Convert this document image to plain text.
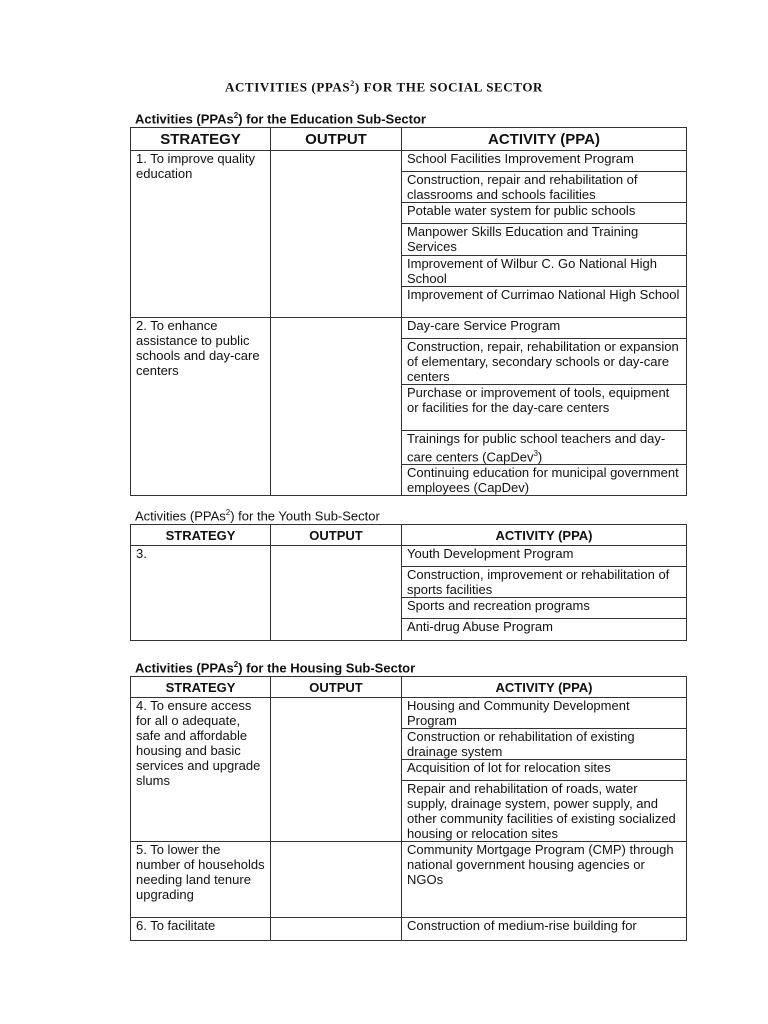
ACTIVITIES (PPAS$^2$) FOR THE SOCIAL SECTOR
Activities (PPAs$^2$) for the Education Sub-Sector
STRATEGY	OUTPUT	ACTIVITY (PPA)
1. To improve quality education		School Facilities Improvement Program
		Construction, repair and rehabilitation of classrooms and schools facilities
		Potable water system for public schools
		Manpower Skills Education and Training Services
		Improvement of Wilbur C. Go National High School
		Improvement of Currimao National High School
2. To enhance assistance to public schools and day-care centers		Day-care Service Program
		Construction, repair, rehabilitation or expansion of elementary, secondary schools or day-care centers
		Purchase or improvement of tools, equipment or facilities for the day-care centers
		Trainings for public school teachers and day-care centers (CapDev$^3$)
		Continuing education for municipal government employees (CapDev)
Activities (PPAs$^2$) for the Youth Sub-Sector
STRATEGY	OUTPUT	ACTIVITY (PPA)
3.		Youth Development Program
		Construction, improvement or rehabilitation of sports facilities
		Sports and recreation programs
		Anti-drug Abuse Program
Activities (PPAs$^2$) for the Housing Sub-Sector
STRATEGY	OUTPUT	ACTIVITY (PPA)
4. To ensure access for all o adequate, safe and affordable housing and basic services and upgrade slums		Housing and Community Development Program
		Construction or rehabilitation of existing drainage system
		Acquisition of lot for relocation sites
		Repair and rehabilitation of roads, water supply, drainage system, power supply, and other community facilities of existing socialized housing or relocation sites
5. To lower the number of households needing land tenure upgrading		Community Mortgage Program (CMP) through national government housing agencies or NGOs
6. To facilitate		Construction of medium-rise building for
